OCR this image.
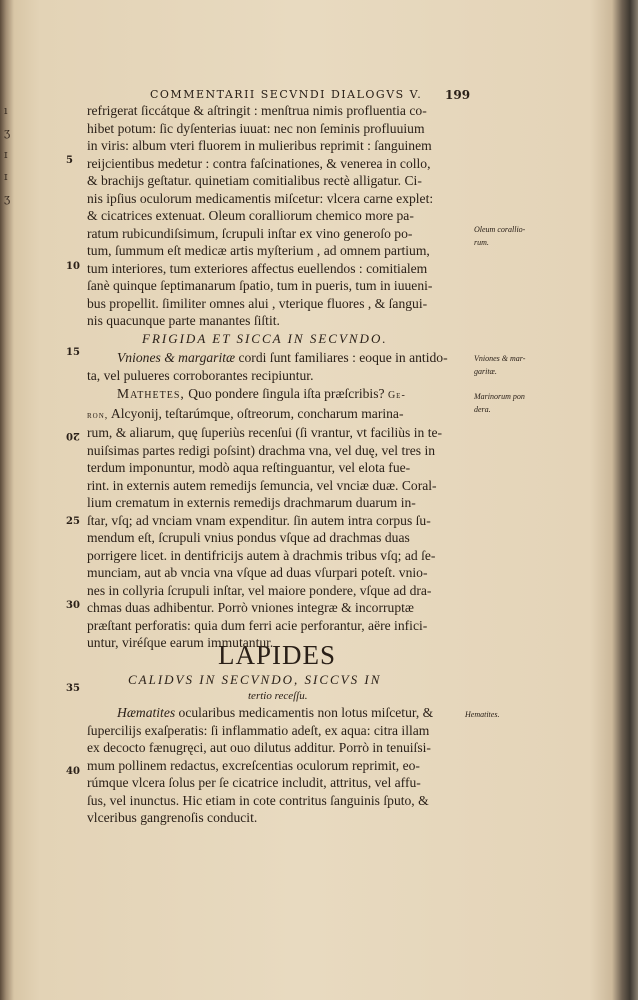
ı
ʒ
ɪ
ɪ
ʒ
COMMENTARII SECVNDI DIALOGVS V. 199
refrigerat ſiccátque & aſtringit : menſtrua nimis profluentia co-
hibet potum: ſic dyſenterias iuuat: nec non ſeminis profluuium
in viris: album vteri fluorem in mulieribus reprimit : ſanguinem
reijcientibus medetur : contra faſcinationes, & venerea in collo,
& brachijs geſtatur. quinetiam comitialibus rectè alligatur. Ci-
nis ipſius oculorum medicamentis miſcetur: vlcera carne explet:
& cicatrices extenuat. Oleum coralliorum chemico more pa-
ratum rubicundiſsimum, ſcrupuli inſtar ex vino generoſo po-
tum, ſummum eſt medicæ artis myſterium , ad omnem partium,
tum interiores, tum exteriores affectus euellendos : comitialem
ſanè quinque ſeptimanarum ſpatio, tum in pueris, tum in iuueni-
bus propellit. ſimiliter omnes alui , vterique fluores , & ſangui-
nis quacunque parte manantes ſiſtit.
FRIGIDA ET SICCA IN SECVNDO.
Vniones & margaritæ cordi ſunt familiares : eoque in antido-
ta, vel pulueres corroborantes recipiuntur.
Mathetes, Quo pondere ſingula iſta præſcribis? Ge-
ron, Alcyonij, teſtarúmque, oſtreorum, concharum marina-
rum, & aliarum, quę ſuperiùs recenſui (ſi vrantur, vt faciliùs in te-
nuiſsimas partes redigi poſsint) drachma vna, vel duę, vel tres in
terdum imponuntur, modò aqua reſtinguantur, vel elota fue-
rint. in externis autem remedijs ſemuncia, vel vnciæ duæ. Coral-
lium crematum in externis remedijs drachmarum duarum in-
ſtar, vſq; ad vnciam vnam expenditur. ſin autem intra corpus ſu-
mendum eſt, ſcrupuli vnius pondus vſque ad drachmas duas
porrigere licet. in dentifricijs autem à drachmis tribus vſq; ad ſe-
munciam, aut ab vncia vna vſque ad duas vſurpari poteſt. vnio-
nes in collyria ſcrupuli inſtar, vel maiore pondere, vſque ad dra-
chmas duas adhibentur. Porrò vniones integræ & incorruptæ
præſtant perforatis: quia dum ferri acie perforantur, aëre infici-
untur, viréſque earum immutantur.
LAPIDES
CALIDVS IN SECVNDO, SICCVS IN
tertio receſſu.
Hæmatites ocularibus medicamentis non lotus miſcetur, &
ſupercilijs exaſperatis: ſi inflammatio adeſt, ex aqua: citra illam
ex decocto fænugręci, aut ouo dilutus additur. Porrò in tenuiſsi-
mum pollinem redactus, excreſcentias oculorum reprimit, eo-
rúmque vlcera ſolus per ſe cicatrice includit, attritus, vel affu-
ſus, vel inunctus. Hic etiam in cote contritus ſanguinis ſputo, &
vlceribus gangrenoſis conducit.
5
10
15
20
25
30
35
40
Oleum corallio-
rum.
Vniones & mar-
garitæ.
Marinorum pon
dera.
Hematites.
